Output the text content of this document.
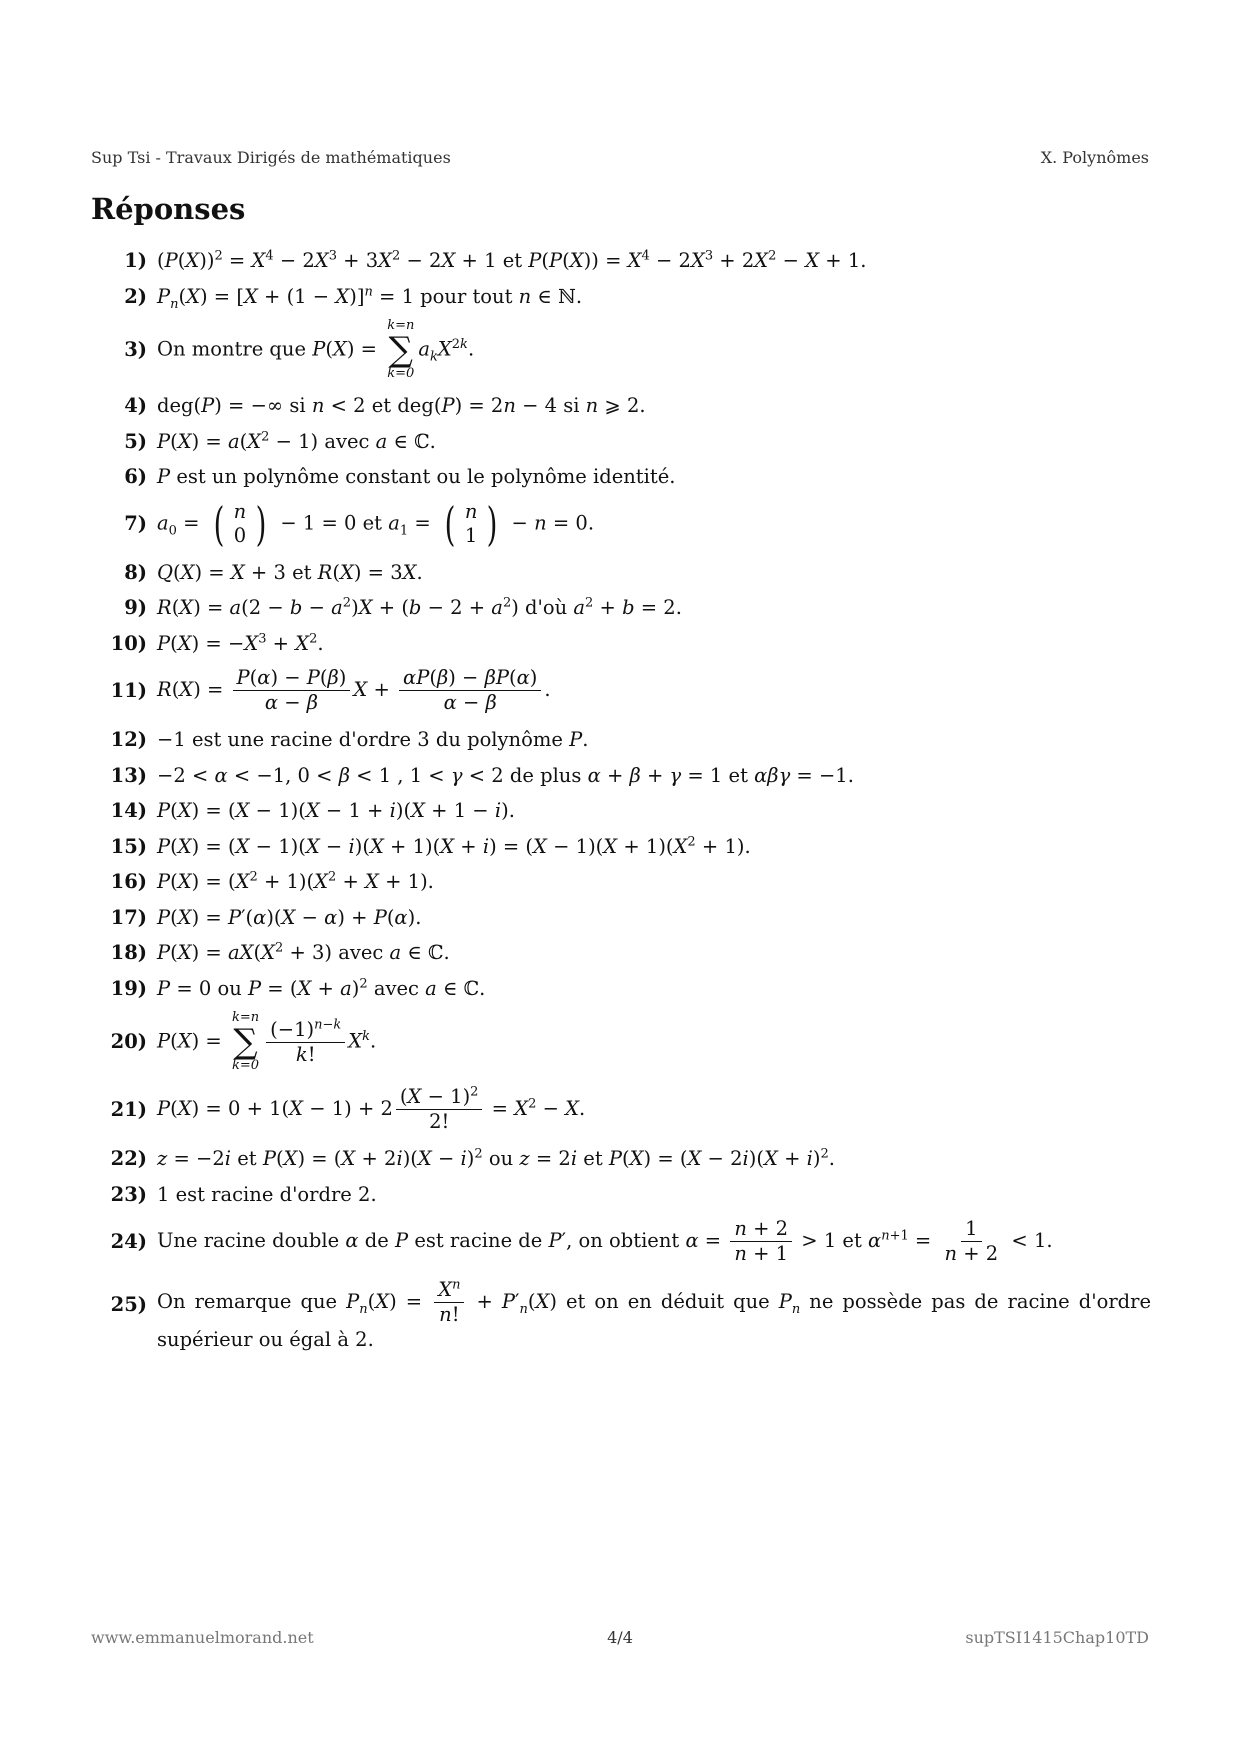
Sup Tsi - Travaux Dirigés de mathématiques	X. Polynômes
Réponses
1) $(P(X))^2 = X^4 - 2X^3 + 3X^2 - 2X + 1$ et $P(P(X)) = X^4 - 2X^3 + 2X^2 - X + 1$.
2) $P_n(X) = [X + (1 - X)]^n = 1$ pour tout n ∈ ℕ.
3) On montre que P(X) =
k=n
∑
k=0
$a_kX^{2k}$.
4) deg(P) = −∞ si n < 2 et deg(P) = 2n − 4 si n ⩾ 2.
5) $P(X) = a(X^2 - 1)$ avec a ∈ ℂ.
6) P est un polynôme constant ou le polynôme identité.
7) $a_0$ = ( n
0 ) − 1 = 0 et $a_1$ = ( n
1 ) − n = 0.
8) Q(X) = X + 3 et R(X) = 3X.
9) $R(X) = a(2 - b - a^2)X + (b - 2 + a^2)$ d'où $a^2 + b = 2$.
10) $P(X) = -X^3 + X^2$.
11) $R(X) = \frac{P(\alpha) - P(\beta)}{\alpha - \beta}$ $X + \frac{\alpha P(\beta) - \beta P(\alpha)}{\alpha - \beta}$ .
12) −1 est une racine d'ordre 3 du polynôme P.
13) −2 < α < −1, 0 < β < 1 , 1 < γ < 2 de plus α + β + γ = 1 et αβγ = −1.
14) P(X) = (X − 1)(X − 1 + i)(X + 1 − i).
15) $P(X) = (X - 1)(X - i)(X + 1)(X + i) = (X - 1)(X + 1)(X^2 + 1)$.
16) $P(X) = (X^2 + 1)(X^2 + X + 1)$.
17) P(X) = P′(α)(X − α) + P(α).
18) $P(X) = aX(X^2 + 3)$ avec a ∈ ℂ.
19) P = 0 ou $P = (X + a)^2$ avec a ∈ ℂ.
20) P(X) =
k=n
∑
$k=0 \frac{(-1)^{n-k}}{k!} X^k$.
21) $P(X) = 0 + 1(X - 1) + 2 \frac{(X - 1)^2}{2!} = X^2 - X$.
22) z = −2i et $P(X) = (X + 2i)(X - i)^2$ ou z = 2i et $P(X) = (X - 2i)(X + i)^2$.
23) 1 est racine d'ordre 2.
24) Une racine double α de P est racine de P′, on obtient $\alpha = \frac{n + 2}{n + 1} > 1$ et $\alpha^{n+1} = \frac{1}{n + 2} < 1$.
25) On remarque que $P_n(X) = \frac{X^n}{n!} + P'_n(X)$ et on en déduit que $P_n$ ne possède pas de racine d'ordre supérieur ou égal à 2.
www.emmanuelmorand.net	4/4	supTSI1415Chap10TD
